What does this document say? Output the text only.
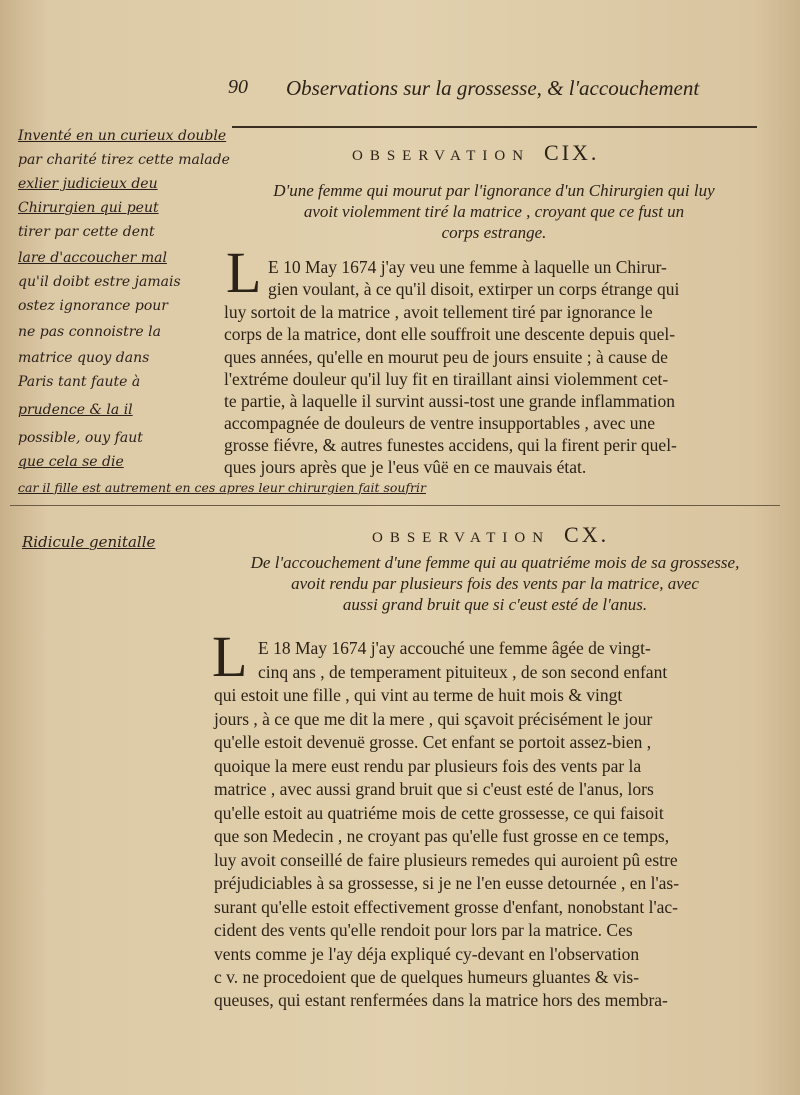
90 Observations sur la grossesse, & l'accouchement
OBSERVATION CIX.
D'une femme qui mourut par l'ignorance d'un Chirurgien qui luy
avoit violemment tiré la matrice , croyant que ce fust un
corps estrange.
L E 10 May 1674 j'ay veu une femme à laquelle un Chirur-
gien voulant, à ce qu'il disoit, extirper un corps étrange qui
luy sortoit de la matrice , avoit tellement tiré par ignorance le
corps de la matrice, dont elle souffroit une descente depuis quel-
ques années, qu'elle en mourut peu de jours ensuite ; à cause de
l'extréme douleur qu'il luy fit en tiraillant ainsi violemment cet-
te partie, à laquelle il survint aussi-tost une grande inflammation
accompagnée de douleurs de ventre insupportables , avec une
grosse fiévre, & autres funestes accidens, qui la firent perir quel-
ques jours après que je l'eus vûë en ce mauvais état.
Inventé en un curieux double
par charité tirez cette malade
exlier judicieux deu
Chirurgien qui peut
tirer par cette dent
lare d'accoucher mal
qu'il doibt estre jamais
ostez ignorance pour
ne pas connoistre la
matrice quoy dans
Paris tant faute à
prudence & la il
possible, ouy faut
que cela se die
car il fille est autrement en ces apres leur chirurgien fait soufrir
Ridicule genitalle	OBSERVATION CX.
De l'accouchement d'une femme qui au quatriéme mois de sa grossesse,
avoit rendu par plusieurs fois des vents par la matrice, avec
aussi grand bruit que si c'eust esté de l'anus.
L E 18 May 1674 j'ay accouché une femme âgée de vingt-
cinq ans , de temperament pituiteux , de son second enfant
qui estoit une fille , qui vint au terme de huit mois & vingt
jours , à ce que me dit la mere , qui sçavoit précisément le jour
qu'elle estoit devenuë grosse. Cet enfant se portoit assez-bien ,
quoique la mere eust rendu par plusieurs fois des vents par la
matrice , avec aussi grand bruit que si c'eust esté de l'anus, lors
qu'elle estoit au quatriéme mois de cette grossesse, ce qui faisoit
que son Medecin , ne croyant pas qu'elle fust grosse en ce temps,
luy avoit conseillé de faire plusieurs remedes qui auroient pû estre
préjudiciables à sa grossesse, si je ne l'en eusse detournée , en l'as-
surant qu'elle estoit effectivement grosse d'enfant, nonobstant l'ac-
cident des vents qu'elle rendoit pour lors par la matrice. Ces
vents comme je l'ay déja expliqué cy-devant en l'observation
c v. ne procedoient que de quelques humeurs gluantes & vis-
queuses, qui estant renfermées dans la matrice hors des membra-
